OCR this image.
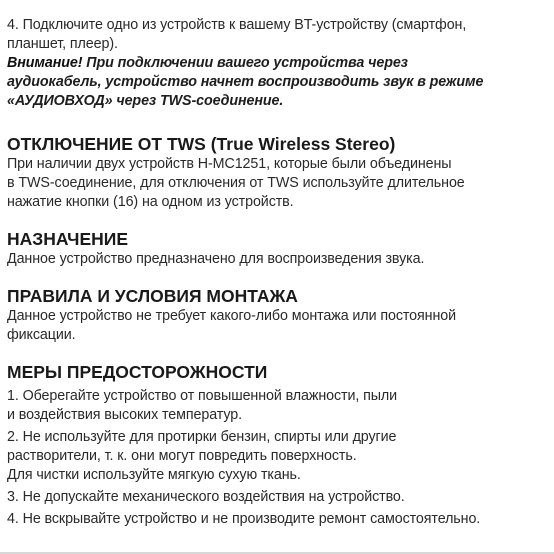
4. Подключите одно из устройств к вашему BT-устройству (смартфон,

планшет, плеер).

Внимание! При подключении вашего устройства через

аудиокабель, устройство начнет воспроизводить звук в режиме

«АУДИОВХОД» через TWS-соединение.

ОТКЛЮЧЕНИЕ ОТ TWS (True Wireless Stereo)

При наличии двух устройств H-MC1251, которые были объединены

в TWS-соединение, для отключения от TWS используйте длительное

нажатие кнопки (16) на одном из устройств.

НАЗНАЧЕНИЕ

Данное устройство предназначено для воспроизведения звука.

ПРАВИЛА И УСЛОВИЯ МОНТАЖА

Данное устройство не требует какого-либо монтажа или постоянной

фиксации.

МЕРЫ ПРЕДОСТОРОЖНОСТИ

1. Оберегайте устройство от повышенной влажности, пыли

и воздействия высоких температур.

2. Не используйте для протирки бензин, спирты или другие

растворители, т. к. они могут повредить поверхность.

Для чистки используйте мягкую сухую ткань.

3. Не допускайте механического воздействия на устройство.

4. Не вскрывайте устройство и не производите ремонт самостоятельно.
